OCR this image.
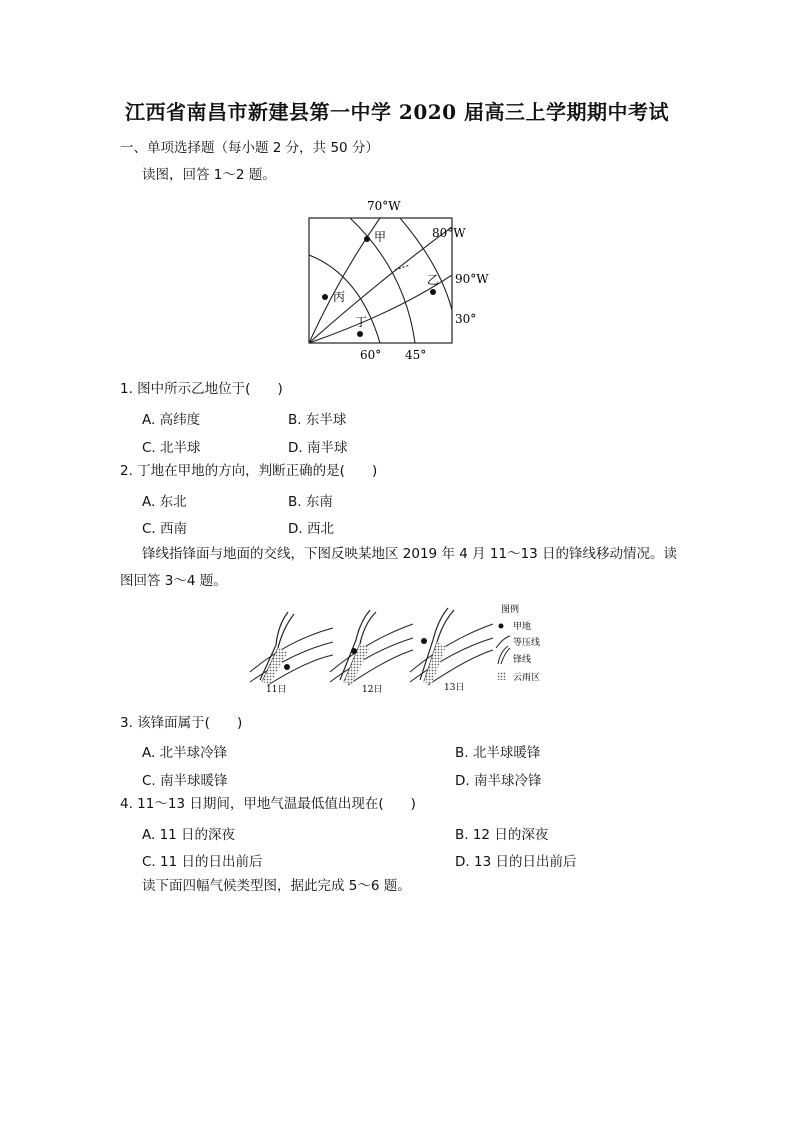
江西省南昌市新建县第一中学 2020 届高三上学期期中考试
一、单项选择题（每小题 2 分，共 50 分）
读图，回答 1～2 题。
70°W
80°W
90°W
30°
60° 45°
甲
乙
丙
丁
1. 图中所示乙地位于(　　)
A. 高纬度	B. 东半球
C. 北半球	D. 南半球
2. 丁地在甲地的方向，判断正确的是(　　)
A. 东北	B. 东南
C. 西南	D. 西北
锋线指锋面与地面的交线，下图反映某地区 2019 年 4 月 11～13 日的锋线移动情况。读
图回答 3～4 题。
11日	12日	13日
图例
甲地
等压线
锋线
云雨区
3. 该锋面属于(　　)
A. 北半球冷锋	B. 北半球暖锋
C. 南半球暖锋	D. 南半球冷锋
4. 11～13 日期间，甲地气温最低值出现在(　　)
A. 11 日的深夜	B. 12 日的深夜
C. 11 日的日出前后	D. 13 日的日出前后
读下面四幅气候类型图，据此完成 5～6 题。
